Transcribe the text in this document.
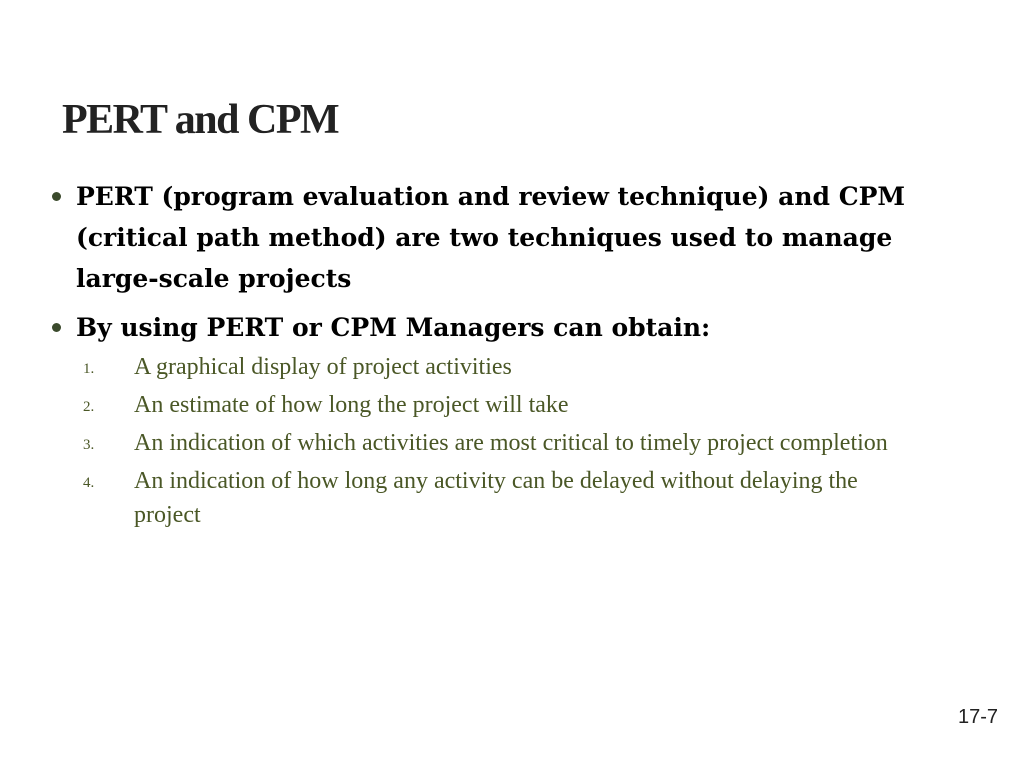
PERT and CPM
PERT (program evaluation and review technique) and CPM (critical path method) are two techniques used to manage large-scale projects
By using PERT or CPM Managers can obtain:
1. A graphical display of project activities
2. An estimate of how long the project will take
3. An indication of which activities are most critical to timely project completion
4. An indication of how long any activity can be delayed without delaying the project
17-7
